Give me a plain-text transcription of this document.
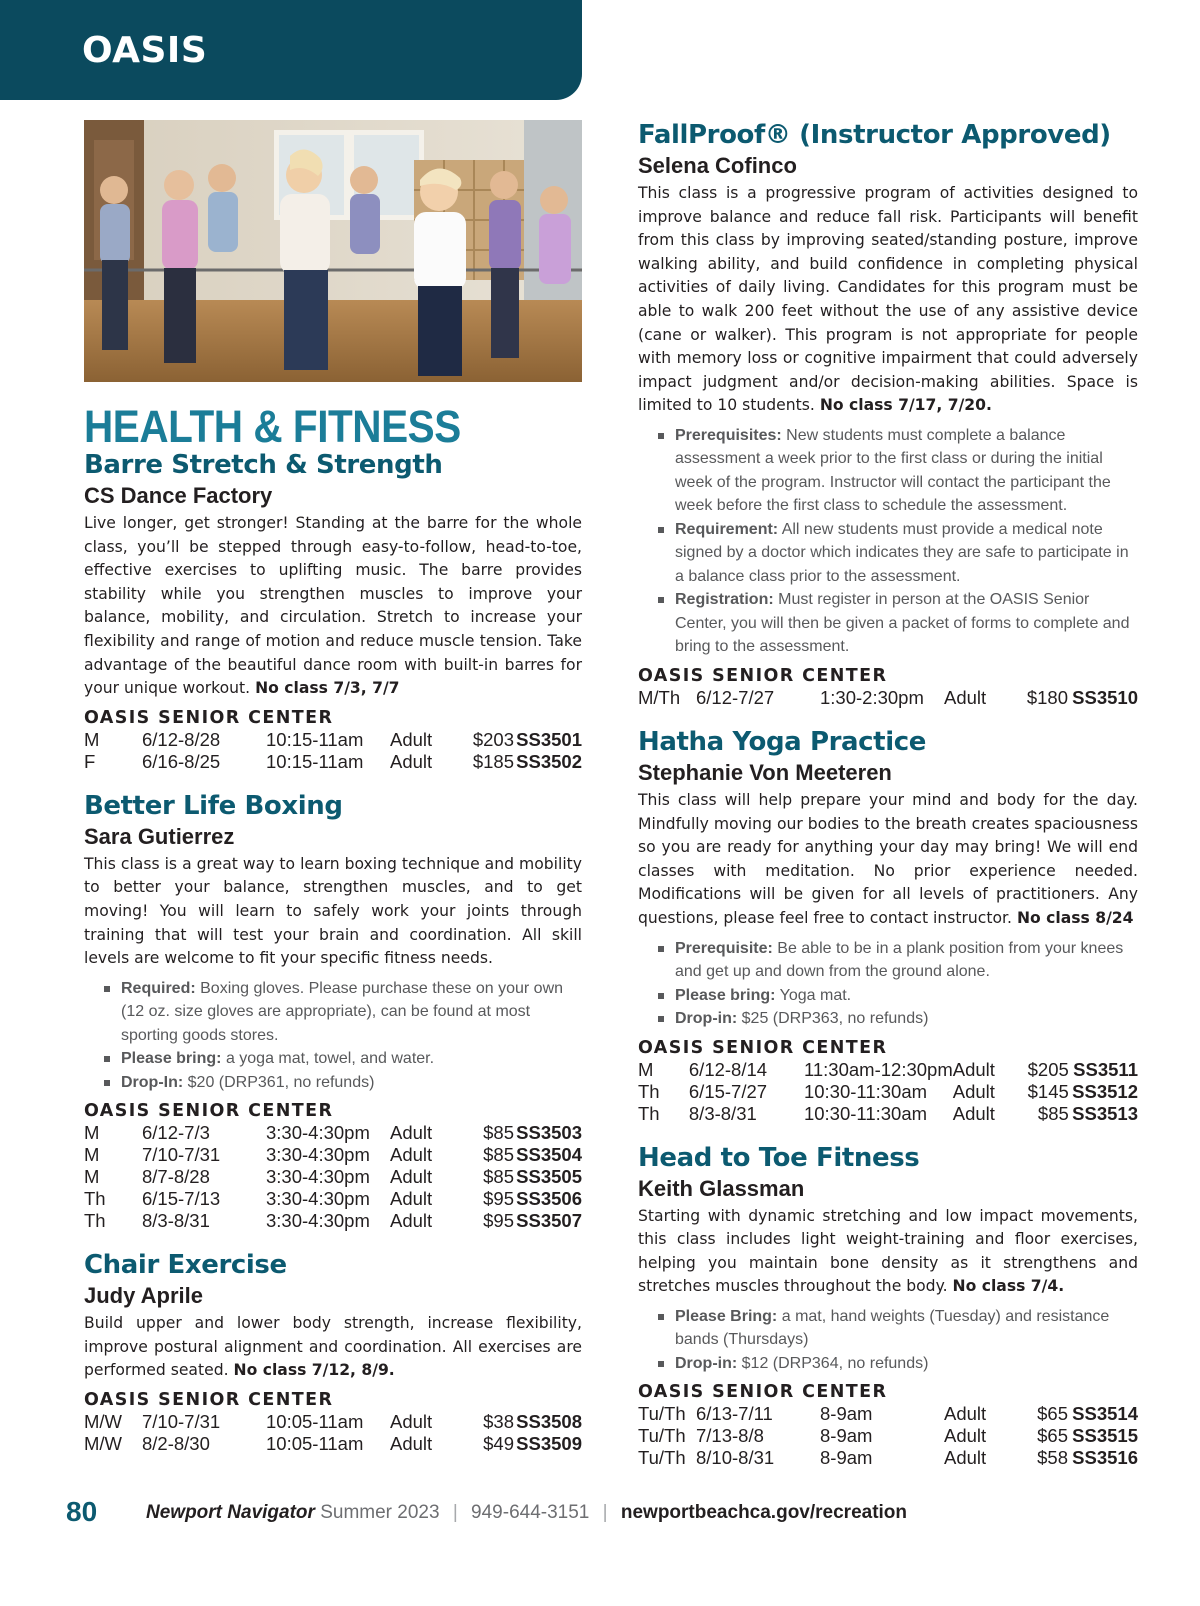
OASIS
HEALTH & FITNESS
Barre Stretch & Strength
CS Dance Factory
Live longer, get stronger! Standing at the barre for the whole class, you’ll be stepped through easy-to-follow, head-to-toe, effective exercises to uplifting music. The barre provides stability while you strengthen muscles to improve your balance, mobility, and circulation. Stretch to increase your flexibility and range of motion and reduce muscle tension. Take advantage of the beautiful dance room with built-in barres for your unique workout. No class 7/3, 7/7
OASIS SENIOR CENTER
M	6/12-8/28	10:15-11am	Adult	$203	SS3501
F	6/16-8/25	10:15-11am	Adult	$185	SS3502
Better Life Boxing
Sara Gutierrez
This class is a great way to learn boxing technique and mobility to better your balance, strengthen muscles, and to get moving! You will learn to safely work your joints through training that will test your brain and coordination. All skill levels are welcome to fit your specific fitness needs.
Required: Boxing gloves. Please purchase these on your own (12 oz. size gloves are appropriate), can be found at most sporting goods stores.
Please bring: a yoga mat, towel, and water.
Drop-In: $20 (DRP361, no refunds)
OASIS SENIOR CENTER
M	6/12-7/3	3:30-4:30pm	Adult	$85	SS3503
M	7/10-7/31	3:30-4:30pm	Adult	$85	SS3504
M	8/7-8/28	3:30-4:30pm	Adult	$85	SS3505
Th	6/15-7/13	3:30-4:30pm	Adult	$95	SS3506
Th	8/3-8/31	3:30-4:30pm	Adult	$95	SS3507
Chair Exercise
Judy Aprile
Build upper and lower body strength, increase flexibility, improve postural alignment and coordination. All exercises are performed seated. No class 7/12, 8/9.
OASIS SENIOR CENTER
M/W	7/10-7/31	10:05-11am	Adult	$38	SS3508
M/W	8/2-8/30	10:05-11am	Adult	$49	SS3509
FallProof® (Instructor Approved)
Selena Cofinco
This class is a progressive program of activities designed to improve balance and reduce fall risk. Participants will benefit from this class by improving seated/standing posture, improve walking ability, and build confidence in completing physical activities of daily living. Candidates for this program must be able to walk 200 feet without the use of any assistive device (cane or walker). This program is not appropriate for people with memory loss or cognitive impairment that could adversely impact judgment and/or decision-making abilities. Space is limited to 10 students. No class 7/17, 7/20.
Prerequisites: New students must complete a balance assessment a week prior to the first class or during the initial week of the program. Instructor will contact the participant the week before the first class to schedule the assessment.
Requirement: All new students must provide a medical note signed by a doctor which indicates they are safe to participate in a balance class prior to the assessment.
Registration: Must register in person at the OASIS Senior Center, you will then be given a packet of forms to complete and bring to the assessment.
OASIS SENIOR CENTER
M/Th	6/12-7/27	1:30-2:30pm	Adult	$180	SS3510
Hatha Yoga Practice
Stephanie Von Meeteren
This class will help prepare your mind and body for the day. Mindfully moving our bodies to the breath creates spaciousness so you are ready for anything your day may bring! We will end classes with meditation. No prior experience needed. Modifications will be given for all levels of practitioners. Any questions, please feel free to contact instructor. No class 8/24
Prerequisite: Be able to be in a plank position from your knees and get up and down from the ground alone.
Please bring: Yoga mat.
Drop-in: $25 (DRP363, no refunds)
OASIS SENIOR CENTER
M	6/12-8/14	11:30am-12:30pm	Adult	$205	SS3511
Th	6/15-7/27	10:30-11:30am	Adult	$145	SS3512
Th	8/3-8/31	10:30-11:30am	Adult	$85	SS3513
Head to Toe Fitness
Keith Glassman
Starting with dynamic stretching and low impact movements, this class includes light weight-training and floor exercises, helping you maintain bone density as it strengthens and stretches muscles throughout the body. No class 7/4.
Please Bring: a mat, hand weights (Tuesday) and resistance bands (Thursdays)
Drop-in: $12 (DRP364, no refunds)
OASIS SENIOR CENTER
Tu/Th	6/13-7/11	8-9am	Adult	$65	SS3514
Tu/Th	7/13-8/8	8-9am	Adult	$65	SS3515
Tu/Th	8/10-8/31	8-9am	Adult	$58	SS3516
80	Newport Navigator Summer 2023 | 949-644-3151 | newportbeachca.gov/recreation
